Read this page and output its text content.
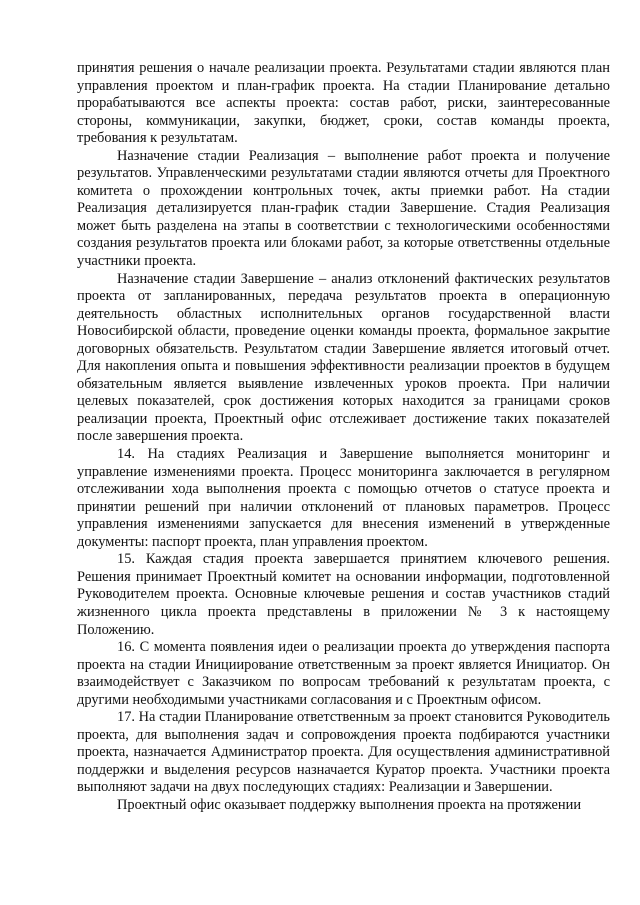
принятия решения о начале реализации проекта. Результатами стадии являются план управления проектом и план-график проекта. На стадии Планирование детально прорабатываются все аспекты проекта: состав работ, риски, заинтересованные стороны, коммуникации, закупки, бюджет, сроки, состав команды проекта, требования к результатам.

Назначение стадии Реализация – выполнение работ проекта и получение результатов. Управленческими результатами стадии являются отчеты для Проектного комитета о прохождении контрольных точек, акты приемки работ. На стадии Реализация детализируется план-график стадии Завершение. Стадия Реализация может быть разделена на этапы в соответствии с технологическими особенностями создания результатов проекта или блоками работ, за которые ответственны отдельные участники проекта.

Назначение стадии Завершение – анализ отклонений фактических результатов проекта от запланированных, передача результатов проекта в операционную деятельность областных исполнительных органов государственной власти Новосибирской области, проведение оценки команды проекта, формальное закрытие договорных обязательств. Результатом стадии Завершение является итоговый отчет. Для накопления опыта и повышения эффективности реализации проектов в будущем обязательным является выявление извлеченных уроков проекта. При наличии целевых показателей, срок достижения которых находится за границами сроков реализации проекта, Проектный офис отслеживает достижение таких показателей после завершения проекта.

14. На стадиях Реализация и Завершение выполняется мониторинг и управление изменениями проекта. Процесс мониторинга заключается в регулярном отслеживании хода выполнения проекта с помощью отчетов о статусе проекта и принятии решений при наличии отклонений от плановых параметров. Процесс управления изменениями запускается для внесения изменений в утвержденные документы: паспорт проекта, план управления проектом.

15. Каждая стадия проекта завершается принятием ключевого решения. Решения принимает Проектный комитет на основании информации, подготовленной Руководителем проекта. Основные ключевые решения и состав участников стадий жизненного цикла проекта представлены в приложении № 3 к настоящему Положению.

16. С момента появления идеи о реализации проекта до утверждения паспорта проекта на стадии Инициирование ответственным за проект является Инициатор. Он взаимодействует с Заказчиком по вопросам требований к результатам проекта, с другими необходимыми участниками согласования и с Проектным офисом.

17. На стадии Планирование ответственным за проект становится Руководитель проекта, для выполнения задач и сопровождения проекта подбираются участники проекта, назначается Администратор проекта. Для осуществления административной поддержки и выделения ресурсов назначается Куратор проекта. Участники проекта выполняют задачи на двух последующих стадиях: Реализации и Завершении.

Проектный офис оказывает поддержку выполнения проекта на протяжении
